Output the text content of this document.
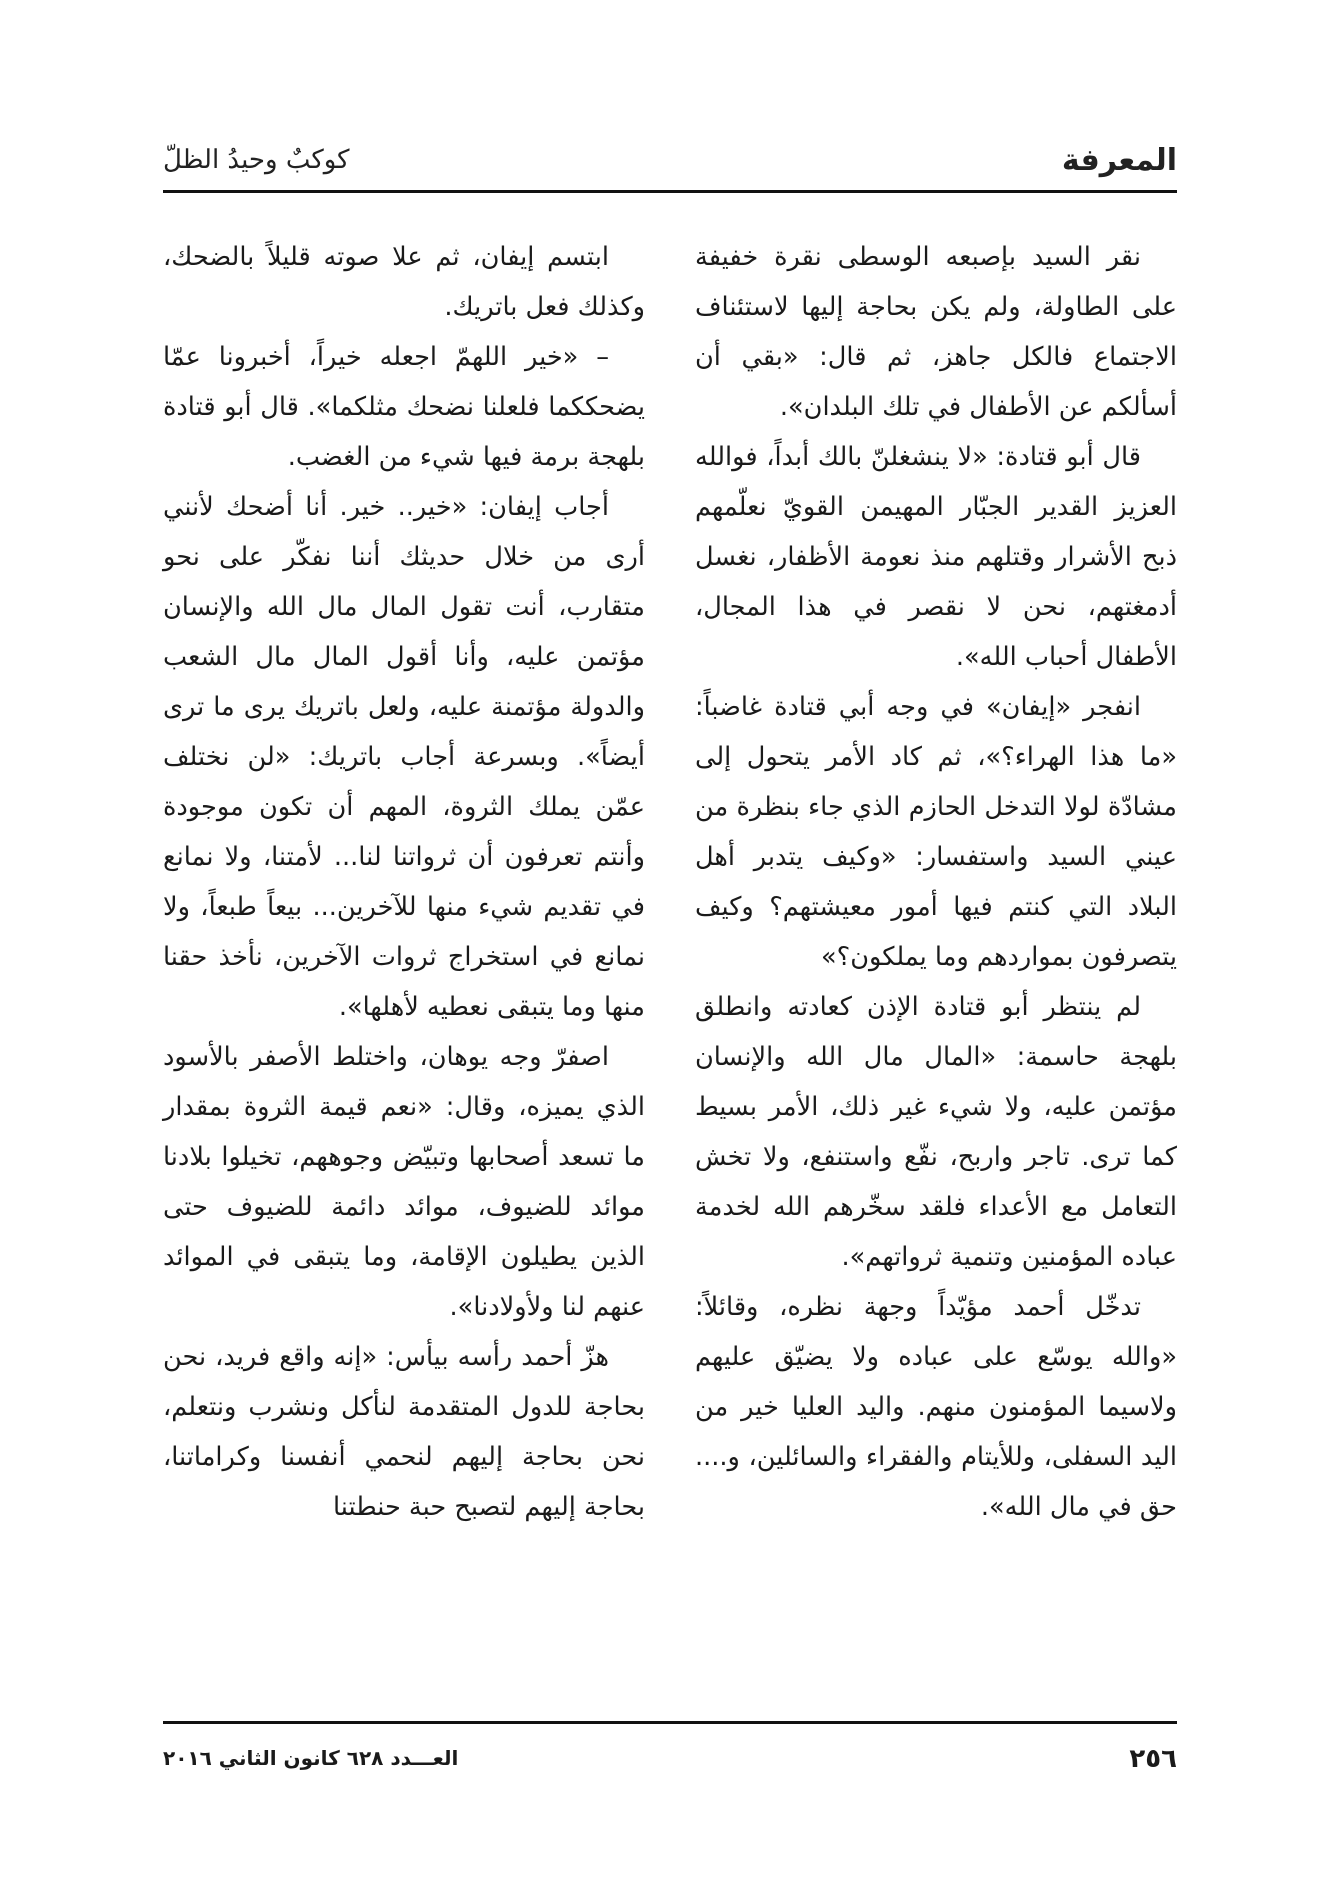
المعرفة
كوكبٌ وحيدُ الظلّ

نقر السيد بإصبعه الوسطى نقرة خفيفة على الطاولة، ولم يكن بحاجة إليها لاستئناف الاجتماع فالكل جاهز، ثم قال: «بقي أن أسألكم عن الأطفال في تلك البلدان».

قال أبو قتادة: «لا ينشغلنّ بالك أبداً، فوالله العزيز القدير الجبّار المهيمن القويّ نعلّمهم ذبح الأشرار وقتلهم منذ نعومة الأظفار، نغسل أدمغتهم، نحن لا نقصر في هذا المجال، الأطفال أحباب الله».

انفجر «إيفان» في وجه أبي قتادة غاضباً: «ما هذا الهراء؟»، ثم كاد الأمر يتحول إلى مشادّة لولا التدخل الحازم الذي جاء بنظرة من عيني السيد واستفسار: «وكيف يتدبر أهل البلاد التي كنتم فيها أمور معيشتهم؟ وكيف يتصرفون بمواردهم وما يملكون؟»

لم ينتظر أبو قتادة الإذن كعادته وانطلق بلهجة حاسمة: «المال مال الله والإنسان مؤتمن عليه، ولا شيء غير ذلك، الأمر بسيط كما ترى. تاجر واربح، نفّع واستنفع، ولا تخش التعامل مع الأعداء فلقد سخّرهم الله لخدمة عباده المؤمنين وتنمية ثرواتهم».

تدخّل أحمد مؤيّداً وجهة نظره، وقائلاً: «والله يوسّع على عباده ولا يضيّق عليهم ولاسيما المؤمنون منهم. واليد العليا خير من اليد السفلى، وللأيتام والفقراء والسائلين، و.... حق في مال الله».

ابتسم إيفان، ثم علا صوته قليلاً بالضحك، وكذلك فعل باتريك.

– «خير اللهمّ اجعله خيراً، أخبرونا عمّا يضحككما فلعلنا نضحك مثلكما». قال أبو قتادة بلهجة برمة فيها شيء من الغضب.

أجاب إيفان: «خير.. خير. أنا أضحك لأنني أرى من خلال حديثك أننا نفكّر على نحو متقارب، أنت تقول المال مال الله والإنسان مؤتمن عليه، وأنا أقول المال مال الشعب والدولة مؤتمنة عليه، ولعل باتريك يرى ما ترى أيضاً». وبسرعة أجاب باتريك: «لن نختلف عمّن يملك الثروة، المهم أن تكون موجودة وأنتم تعرفون أن ثرواتنا لنا... لأمتنا، ولا نمانع في تقديم شيء منها للآخرين... بيعاً طبعاً، ولا نمانع في استخراج ثروات الآخرين، نأخذ حقنا منها وما يتبقى نعطيه لأهلها».

اصفرّ وجه يوهان، واختلط الأصفر بالأسود الذي يميزه، وقال: «نعم قيمة الثروة بمقدار ما تسعد أصحابها وتبيّض وجوههم، تخيلوا بلادنا موائد للضيوف، موائد دائمة للضيوف حتى الذين يطيلون الإقامة، وما يتبقى في الموائد عنهم لنا ولأولادنا».

هزّ أحمد رأسه بيأس: «إنه واقع فريد، نحن بحاجة للدول المتقدمة لنأكل ونشرب ونتعلم، نحن بحاجة إليهم لنحمي أنفسنا وكراماتنا، بحاجة إليهم لتصبح حبة حنطتنا

٢٥٦
العـــدد ٦٢٨ كانون الثاني ٢٠١٦
